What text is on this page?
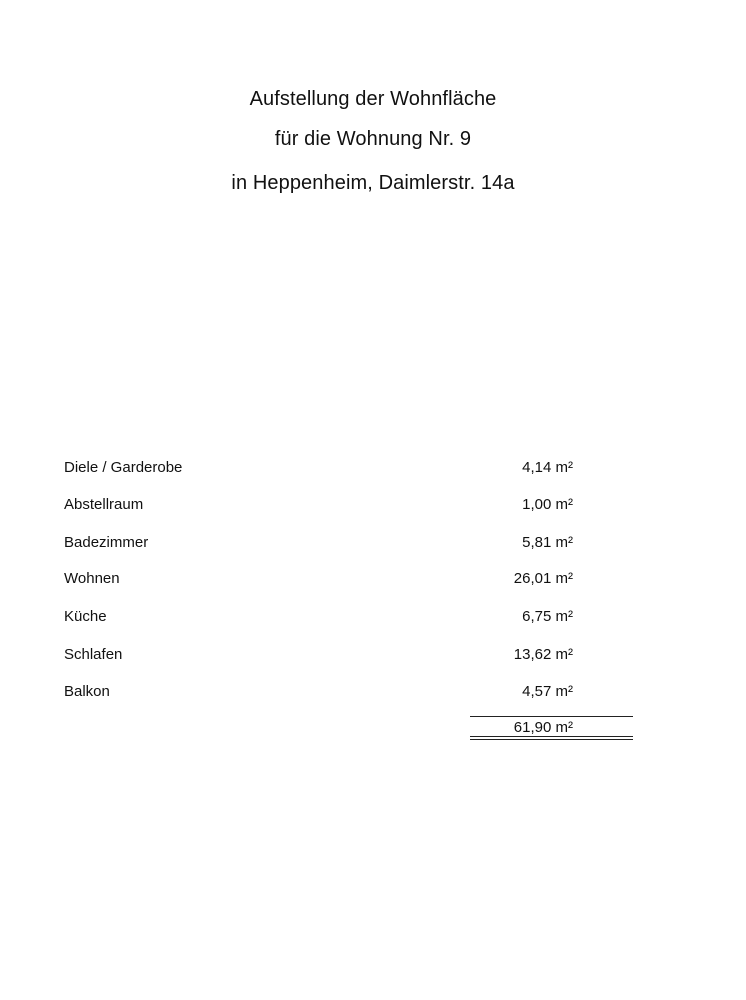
Aufstellung der Wohnfläche
für die Wohnung Nr. 9
in Heppenheim, Daimlerstr. 14a
Diele / Garderobe	4,14 m²
Abstellraum	1,00 m²
Badezimmer	5,81 m²
Wohnen	26,01 m²
Küche	6,75 m²
Schlafen	13,62 m²
Balkon	4,57 m²
61,90 m²
